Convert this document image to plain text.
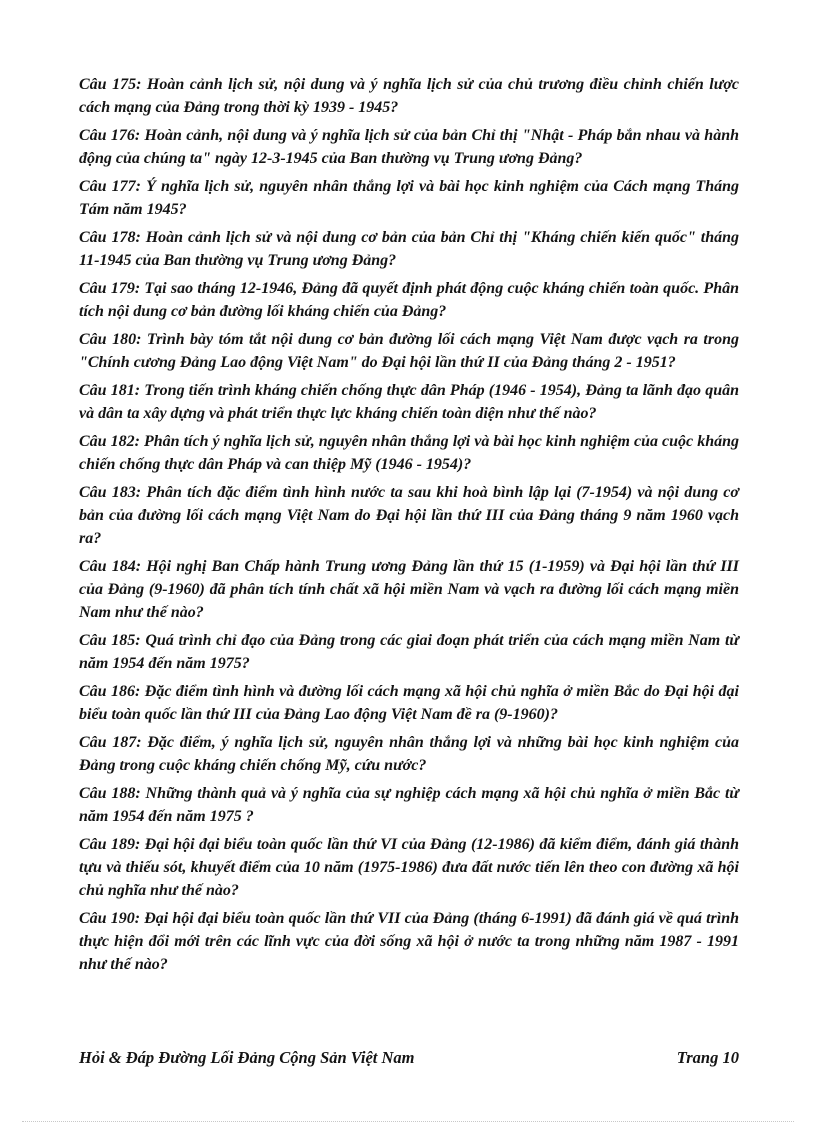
Câu 175: Hoàn cảnh lịch sử, nội dung và ý nghĩa lịch sử của chủ trương điều chỉnh chiến lược cách mạng của Đảng trong thời kỳ 1939 - 1945?

Câu 176: Hoàn cảnh, nội dung và ý nghĩa lịch sử của bản Chỉ thị "Nhật - Pháp bắn nhau và hành động của chúng ta" ngày 12-3-1945 của Ban thường vụ Trung ương Đảng?

Câu 177: Ý nghĩa lịch sử, nguyên nhân thắng lợi và bài học kinh nghiệm của Cách mạng Tháng Tám năm 1945?

Câu 178: Hoàn cảnh lịch sử và nội dung cơ bản của bản Chỉ thị "Kháng chiến kiến quốc" tháng 11-1945 của Ban thường vụ Trung ương Đảng?

Câu 179: Tại sao tháng 12-1946, Đảng đã quyết định phát động cuộc kháng chiến toàn quốc. Phân tích nội dung cơ bản đường lối kháng chiến của Đảng?

Câu 180: Trình bày tóm tắt nội dung cơ bản đường lối cách mạng Việt Nam được vạch ra trong "Chính cương Đảng Lao động Việt Nam" do Đại hội lần thứ II của Đảng tháng 2 - 1951?

Câu 181: Trong tiến trình kháng chiến chống thực dân Pháp (1946 - 1954), Đảng ta lãnh đạo quân và dân ta xây dựng và phát triển thực lực kháng chiến toàn diện như thế nào?

Câu 182: Phân tích ý nghĩa lịch sử, nguyên nhân thắng lợi và bài học kinh nghiệm của cuộc kháng chiến chống thực dân Pháp và can thiệp Mỹ (1946 - 1954)?

Câu 183: Phân tích đặc điểm tình hình nước ta sau khi hoà bình lập lại (7-1954) và nội dung cơ bản của đường lối cách mạng Việt Nam do Đại hội lần thứ III của Đảng tháng 9 năm 1960 vạch ra?

Câu 184: Hội nghị Ban Chấp hành Trung ương Đảng lần thứ 15 (1-1959) và Đại hội lần thứ III của Đảng (9-1960) đã phân tích tính chất xã hội miền Nam và vạch ra đường lối cách mạng miền Nam như thế nào?

Câu 185: Quá trình chỉ đạo của Đảng trong các giai đoạn phát triển của cách mạng miền Nam từ năm 1954 đến năm 1975?

Câu 186: Đặc điểm tình hình và đường lối cách mạng xã hội chủ nghĩa ở miền Bắc do Đại hội đại biểu toàn quốc lần thứ III của Đảng Lao động Việt Nam đề ra (9-1960)?

Câu 187: Đặc điểm, ý nghĩa lịch sử, nguyên nhân thắng lợi và những bài học kinh nghiệm của Đảng trong cuộc kháng chiến chống Mỹ, cứu nước?

Câu 188: Những thành quả và ý nghĩa của sự nghiệp cách mạng xã hội chủ nghĩa ở miền Bắc từ năm 1954 đến năm 1975 ?

Câu 189: Đại hội đại biểu toàn quốc lần thứ VI của Đảng (12-1986) đã kiểm điểm, đánh giá thành tựu và thiếu sót, khuyết điểm của 10 năm (1975-1986) đưa đất nước tiến lên theo con đường xã hội chủ nghĩa như thế nào?

Câu 190: Đại hội đại biểu toàn quốc lần thứ VII của Đảng (tháng 6-1991) đã đánh giá về quá trình thực hiện đổi mới trên các lĩnh vực của đời sống xã hội ở nước ta trong những năm 1987 - 1991 như thế nào?

Hỏi & Đáp Đường Lối Đảng Cộng Sản Việt Nam	Trang 10
